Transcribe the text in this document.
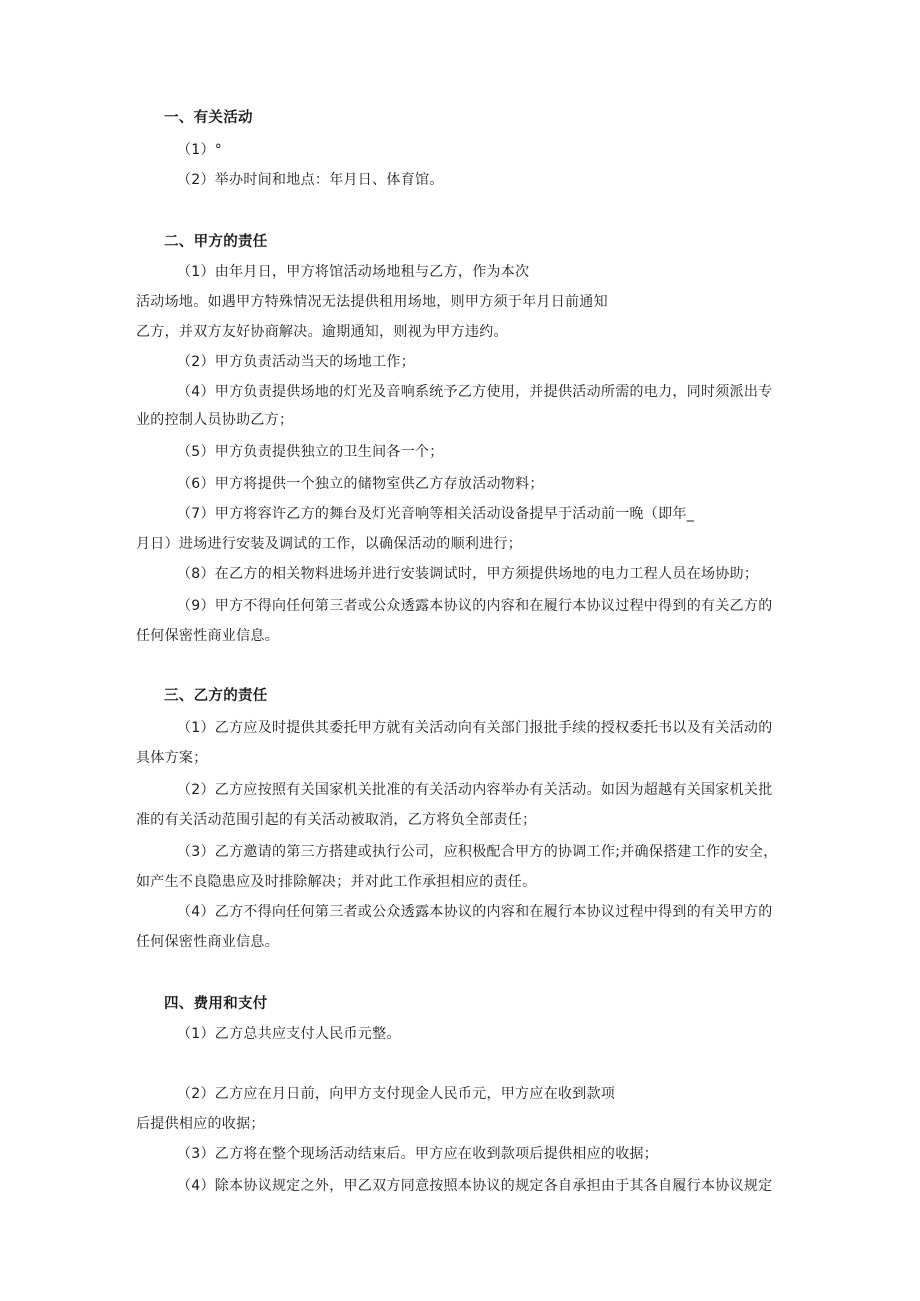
一、有关活动
（1）°
（2）举办时间和地点：年月日、体育馆。
二、甲方的责任
（1）由年月日，甲方将馆活动场地租与乙方，作为本次
活动场地。如遇甲方特殊情况无法提供租用场地，则甲方须于年月日前通知
乙方，并双方友好协商解决。逾期通知，则视为甲方违约。
（2）甲方负责活动当天的场地工作；
（4）甲方负责提供场地的灯光及音响系统予乙方使用，并提供活动所需的电力，同时须派出专
业的控制人员协助乙方；
（5）甲方负责提供独立的卫生间各一个；
（6）甲方将提供一个独立的储物室供乙方存放活动物料；
（7）甲方将容许乙方的舞台及灯光音响等相关活动设备提早于活动前一晚（即年_
月日）进场进行安装及调试的工作，以确保活动的顺利进行；
（8）在乙方的相关物料进场并进行安装调试时，甲方须提供场地的电力工程人员在场协助；
（9）甲方不得向任何第三者或公众透露本协议的内容和在履行本协议过程中得到的有关乙方的
任何保密性商业信息。
三、乙方的责任
（1）乙方应及时提供其委托甲方就有关活动向有关部门报批手续的授权委托书以及有关活动的
具体方案；
（2）乙方应按照有关国家机关批准的有关活动内容举办有关活动。如因为超越有关国家机关批
准的有关活动范围引起的有关活动被取消，乙方将负全部责任；
（3）乙方邀请的第三方搭建或执行公司，应积极配合甲方的协调工作;并确保搭建工作的安全，
如产生不良隐患应及时排除解决；并对此工作承担相应的责任。
（4）乙方不得向任何第三者或公众透露本协议的内容和在履行本协议过程中得到的有关甲方的
任何保密性商业信息。
四、费用和支付
（1）乙方总共应支付人民币元整。
（2）乙方应在月日前，向甲方支付现金人民币元，甲方应在收到款项
后提供相应的收据；
（3）乙方将在整个现场活动结束后。甲方应在收到款项后提供相应的收据；
（4）除本协议规定之外，甲乙双方同意按照本协议的规定各自承担由于其各自履行本协议规定
